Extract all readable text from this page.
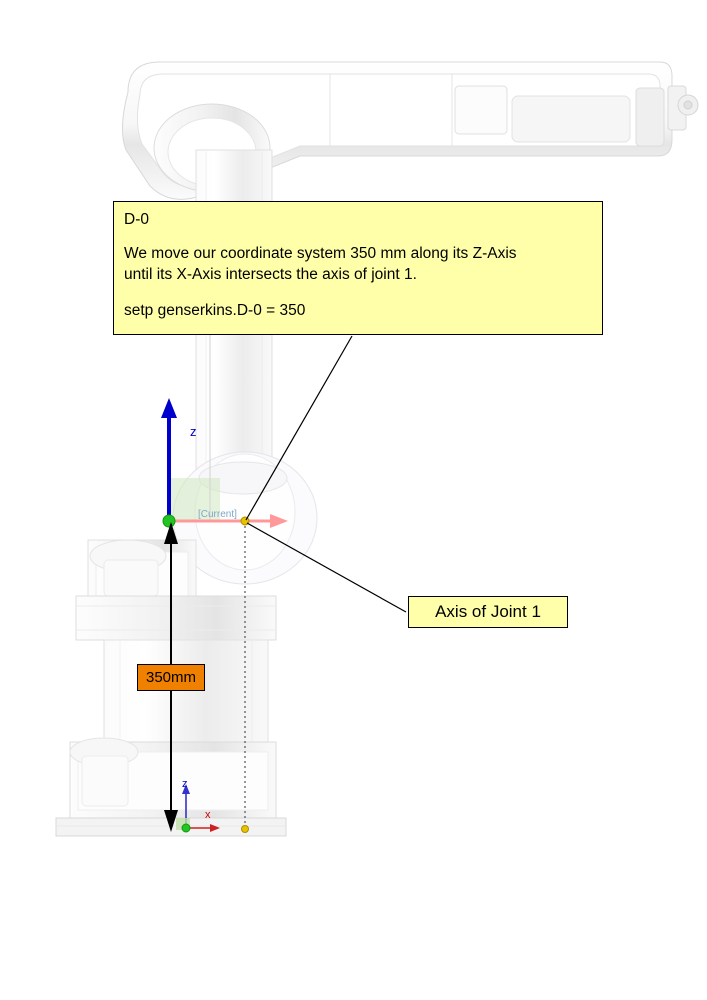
D-0

We move our coordinate system 350 mm along its Z-Axis
until its X-Axis intersects the axis of joint 1.

setp genserkins.D-0 = 350

Axis of Joint 1
350mm
z
z
x
[Current]
